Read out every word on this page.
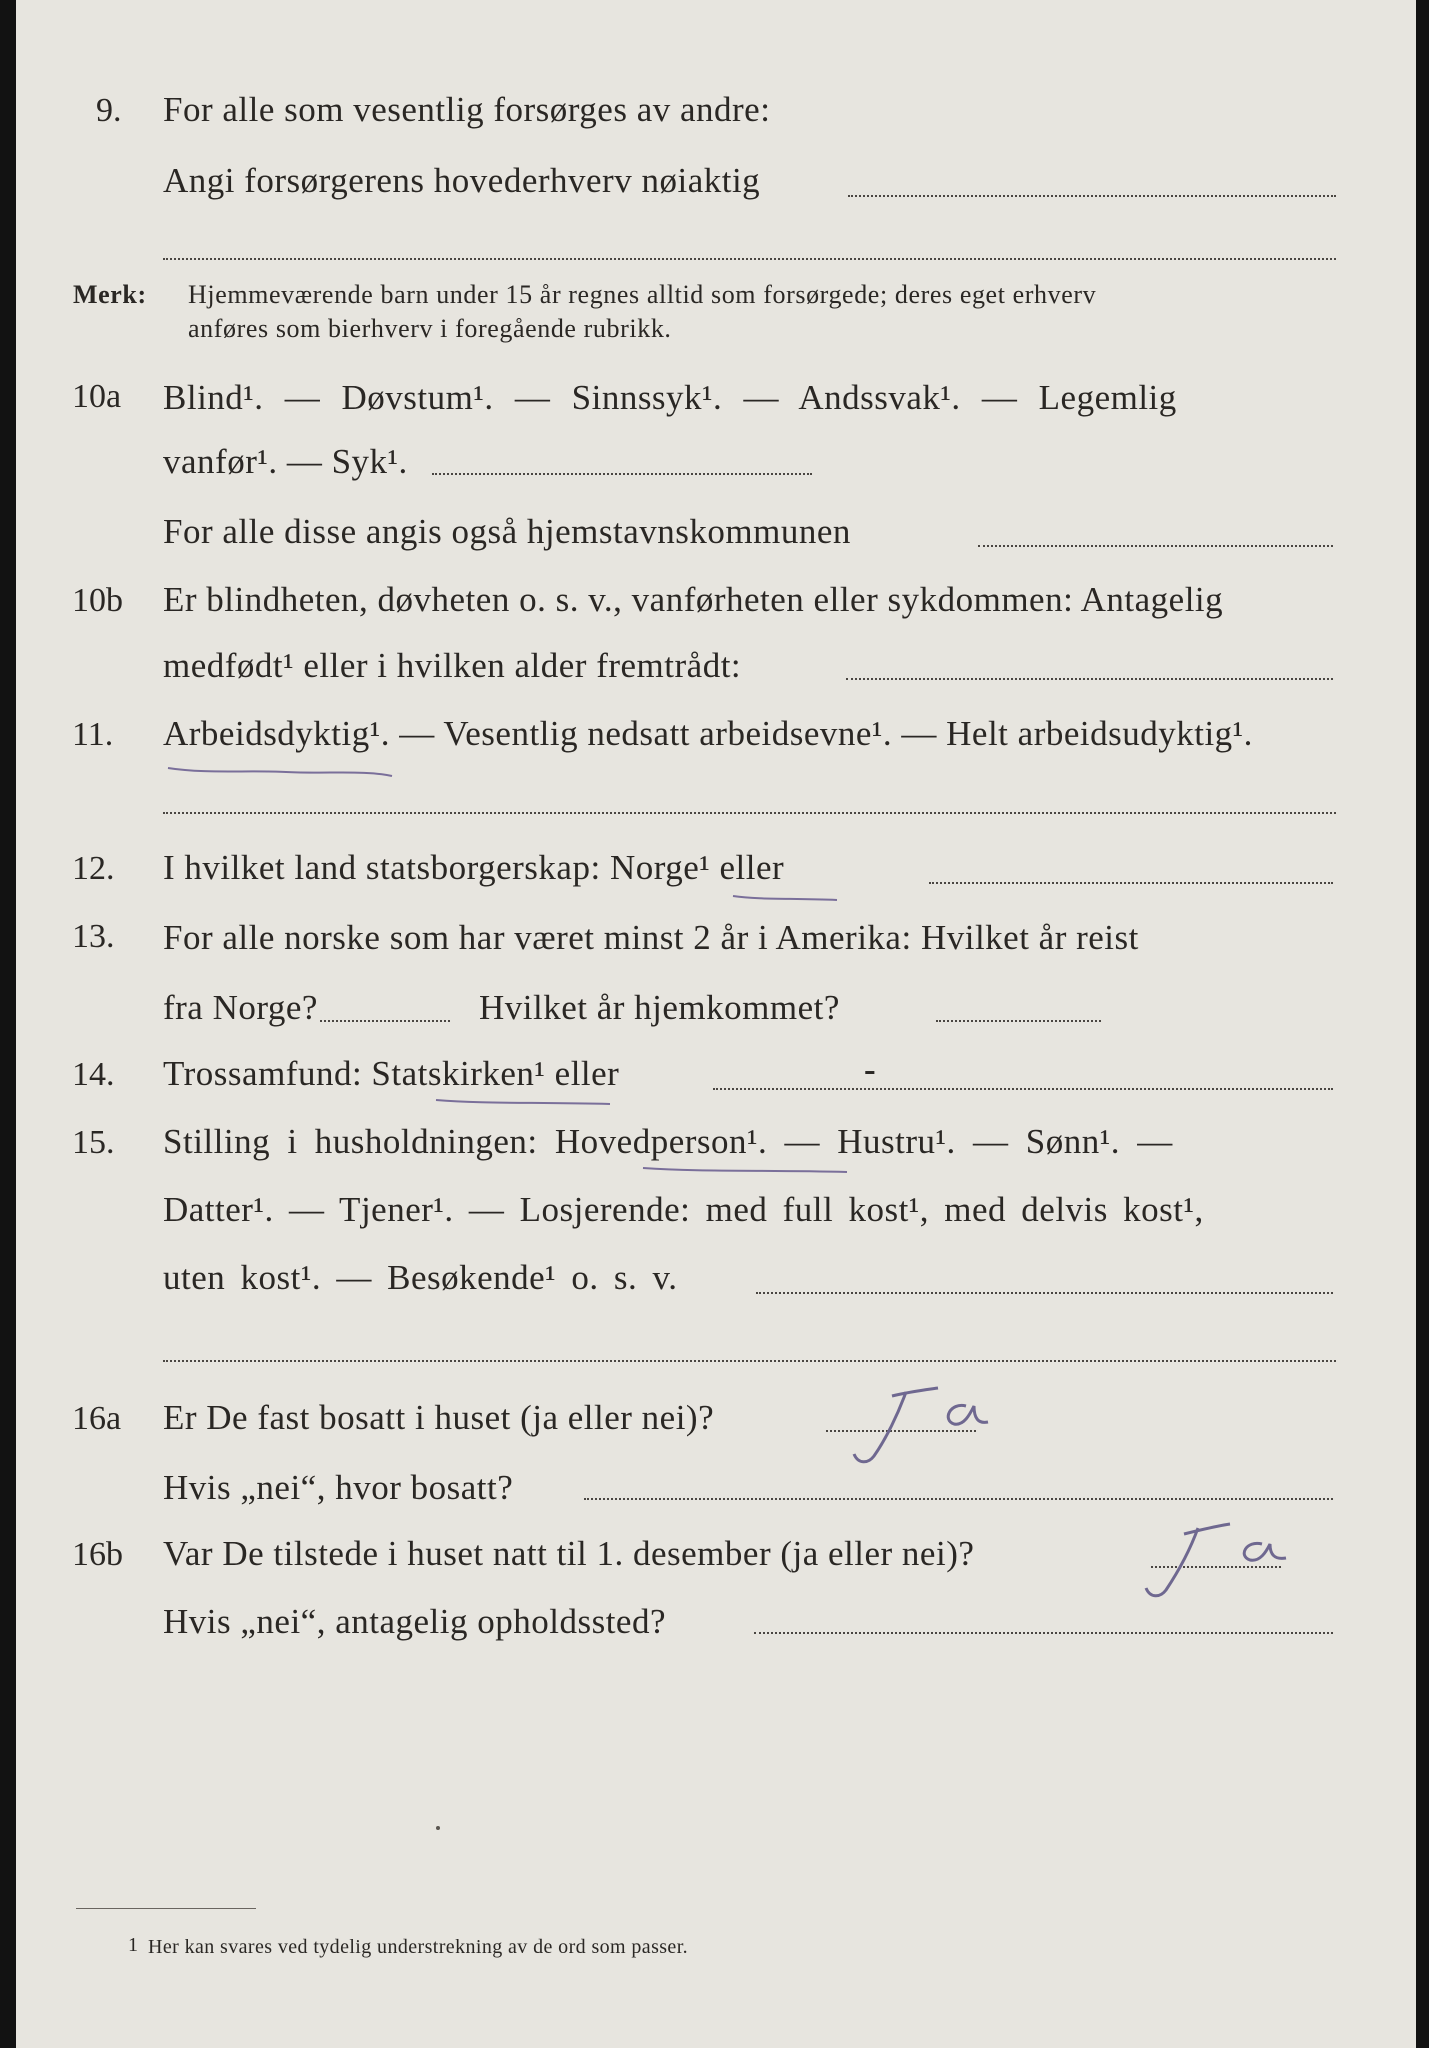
9. For alle som vesentlig forsørges av andre:
Angi forsørgerens hovederhverv nøiaktig
Merk: Hjemmeværende barn under 15 år regnes alltid som forsørgede; deres eget erhverv
anføres som bierhverv i foregående rubrikk.
10a Blind¹. — Døvstum¹. — Sinnssyk¹. — Andssvak¹. — Legemlig
vanfør¹. — Syk¹.
For alle disse angis også hjemstavnskommunen
10b Er blindheten, døvheten o. s. v., vanførheten eller sykdommen: Antagelig
medfødt¹ eller i hvilken alder fremtrådt:
11. Arbeidsdyktig¹. — Vesentlig nedsatt arbeidsevne¹. — Helt arbeidsudyktig¹.
12. I hvilket land statsborgerskap: Norge¹ eller
13. For alle norske som har været minst 2 år i Amerika: Hvilket år reist
fra Norge?	Hvilket år hjemkommet?
14. Trossamfund: Statskirken¹ eller	-
15. Stilling i husholdningen: Hovedperson¹. — Hustru¹. — Sønn¹. —
Datter¹. — Tjener¹. — Losjerende: med full kost¹, med delvis kost¹,
uten kost¹. — Besøkende¹ o. s. v.
16a Er De fast bosatt i huset (ja eller nei)?
Hvis „nei“, hvor bosatt?
16b Var De tilstede i huset natt til 1. desember (ja eller nei)?
Hvis „nei“, antagelig opholdssted?
1 Her kan svares ved tydelig understrekning av de ord som passer.
